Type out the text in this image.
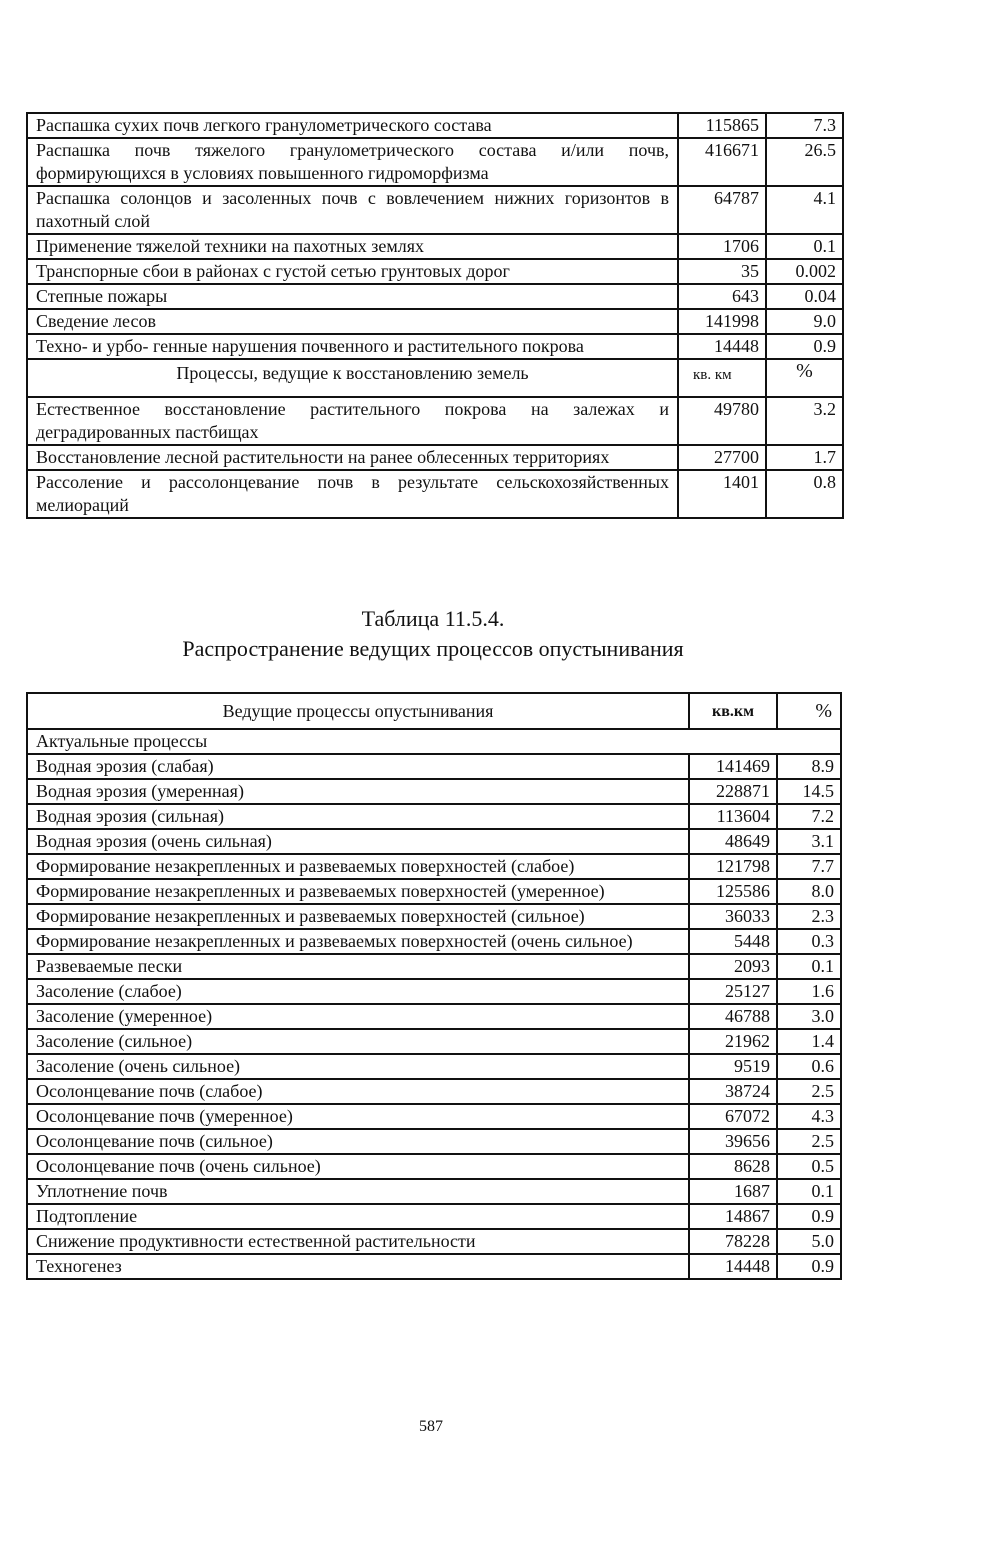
Распашка сухих почв легкого гранулометрического состава	115865	7.3
Распашка почв тяжелого гранулометрического состава и/или почв, формирующихся в условиях повышенного гидроморфизма	416671	26.5
Распашка солонцов и засоленных почв с вовлечением нижних горизонтов в пахотный слой	64787	4.1
Применение тяжелой техники на пахотных землях	1706	0.1
Транспорные сбои в районах с густой сетью грунтовых дорог	35	0.002
Степные пожары	643	0.04
Сведение лесов	141998	9.0
Техно- и урбо- генные нарушения почвенного и растительного покрова	14448	0.9
Процессы, ведущие к восстановлению земель	кв. км	%
Естественное восстановление растительного покрова на залежах и деградированных пастбищах	49780	3.2
Восстановление лесной растительности на ранее облесенных территориях	27700	1.7
Рассоление и рассолонцевание почв в результате сельскохозяйственных мелиораций	1401	0.8
Таблица 11.5.4.
Распространение ведущих процессов опустынивания
Ведущие процессы опустынивания	кв.км	%
Актуальные процессы		
Водная эрозия (слабая)	141469	8.9
Водная эрозия (умеренная)	228871	14.5
Водная эрозия (сильная)	113604	7.2
Водная эрозия (очень сильная)	48649	3.1
Формирование незакрепленных и развеваемых поверхностей (слабое)	121798	7.7
Формирование незакрепленных и развеваемых поверхностей (умеренное)	125586	8.0
Формирование незакрепленных и развеваемых поверхностей (сильное)	36033	2.3
Формирование незакрепленных и развеваемых поверхностей (очень сильное)	5448	0.3
Развеваемые пески	2093	0.1
Засоление (слабое)	25127	1.6
Засоление (умеренное)	46788	3.0
Засоление (сильное)	21962	1.4
Засоление (очень сильное)	9519	0.6
Осолонцевание почв (слабое)	38724	2.5
Осолонцевание почв (умеренное)	67072	4.3
Осолонцевание почв (сильное)	39656	2.5
Осолонцевание почв (очень сильное)	8628	0.5
Уплотнение почв	1687	0.1
Подтопление	14867	0.9
Снижение продуктивности естественной растительности	78228	5.0
Техногенез	14448	0.9
587
